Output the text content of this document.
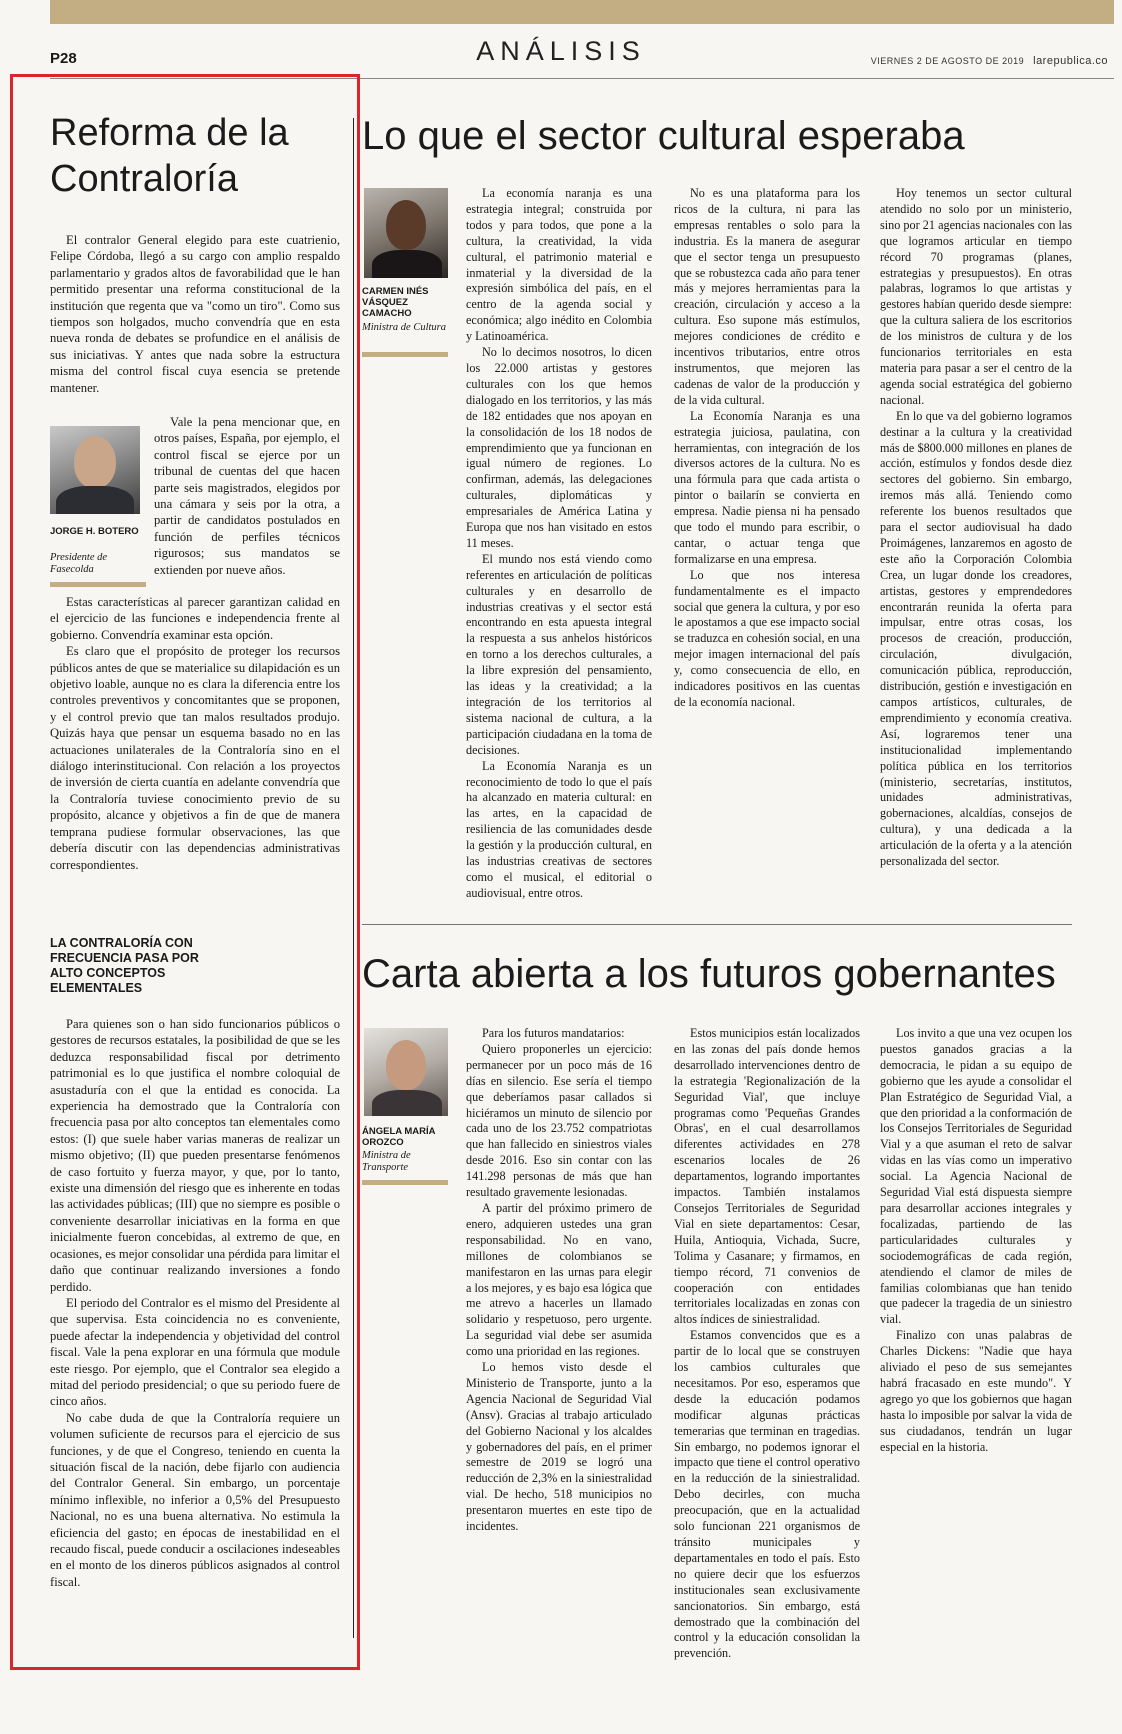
P28	ANÁLISIS	VIERNES 2 DE AGOSTO DE 2019 larepublica.co
Reforma de la Contraloría

El contralor General elegido para este cuatrienio, Felipe Córdoba, llegó a su cargo con amplio respaldo parlamentario y grados altos de favorabilidad que le han permitido presentar una reforma constitucional de la institución que regenta que va "como un tiro". Como sus tiempos son holgados, mucho convendría que en esta nueva ronda de debates se profundice en el análisis de sus iniciativas. Y antes que nada sobre la estructura misma del control fiscal cuya esencia se pretende mantener.

JORGE H. BOTERO
Presidente de Fasecolda

Vale la pena mencionar que, en otros países, España, por ejemplo, el control fiscal se ejerce por un tribunal de cuentas del que hacen parte seis magistrados, elegidos por una cámara y seis por la otra, a partir de candidatos postulados en función de perfiles técnicos rigurosos; sus mandatos se extienden por nueve años.

Estas características al parecer garantizan calidad en el ejercicio de las funciones e independencia frente al gobierno. Convendría examinar esta opción.

Es claro que el propósito de proteger los recursos públicos antes de que se materialice su dilapidación es un objetivo loable, aunque no es clara la diferencia entre los controles preventivos y concomitantes que se proponen, y el control previo que tan malos resultados produjo. Quizás haya que pensar un esquema basado no en las actuaciones unilaterales de la Contraloría sino en el diálogo interinstitucional. Con relación a los proyectos de inversión de cierta cuantía en adelante convendría que la Contraloría tuviese conocimiento previo de su propósito, alcance y objetivos a fin de que de manera temprana pudiese formular observaciones, las que debería discutir con las dependencias administrativas correspondientes.

LA CONTRALORÍA CON FRECUENCIA PASA POR ALTO CONCEPTOS ELEMENTALES

Para quienes son o han sido funcionarios públicos o gestores de recursos estatales, la posibilidad de que se les deduzca responsabilidad fiscal por detrimento patrimonial es lo que justifica el nombre coloquial de asustaduría con el que la entidad es conocida. La experiencia ha demostrado que la Contraloría con frecuencia pasa por alto conceptos tan elementales como estos: (I) que suele haber varias maneras de realizar un mismo objetivo; (II) que pueden presentarse fenómenos de caso fortuito y fuerza mayor, y que, por lo tanto, existe una dimensión del riesgo que es inherente en todas las actividades públicas; (III) que no siempre es posible o conveniente desarrollar iniciativas en la forma en que inicialmente fueron concebidas, al extremo de que, en ocasiones, es mejor consolidar una pérdida para limitar el daño que continuar realizando inversiones a fondo perdido.

El periodo del Contralor es el mismo del Presidente al que supervisa. Esta coincidencia no es conveniente, puede afectar la independencia y objetividad del control fiscal. Vale la pena explorar en una fórmula que module este riesgo. Por ejemplo, que el Contralor sea elegido a mitad del periodo presidencial; o que su periodo fuere de cinco años.

No cabe duda de que la Contraloría requiere un volumen suficiente de recursos para el ejercicio de sus funciones, y de que el Congreso, teniendo en cuenta la situación fiscal de la nación, debe fijarlo con audiencia del Contralor General. Sin embargo, un porcentaje mínimo inflexible, no inferior a 0,5% del Presupuesto Nacional, no es una buena alternativa. No estimula la eficiencia del gasto; en épocas de inestabilidad en el recaudo fiscal, puede conducir a oscilaciones indeseables en el monto de los dineros públicos asignados al control fiscal.

Lo que el sector cultural esperaba
CARMEN INÉS VÁSQUEZ CAMACHO
Ministra de Cultura

La economía naranja es una estrategia integral; construida por todos y para todos, que pone a la cultura, la creatividad, la vida cultural, el patrimonio material e inmaterial y la diversidad de la expresión simbólica del país, en el centro de la agenda social y económica; algo inédito en Colombia y Latinoamérica.

No lo decimos nosotros, lo dicen los 22.000 artistas y gestores culturales con los que hemos dialogado en los territorios, y las más de 182 entidades que nos apoyan en la consolidación de los 18 nodos de emprendimiento que ya funcionan en igual número de regiones. Lo confirman, además, las delegaciones culturales, diplomáticas y empresariales de América Latina y Europa que nos han visitado en estos 11 meses.

El mundo nos está viendo como referentes en articulación de políticas culturales y en desarrollo de industrias creativas y el sector está encontrando en esta apuesta integral la respuesta a sus anhelos históricos en torno a los derechos culturales, a la libre expresión del pensamiento, las ideas y la creatividad; a la integración de los territorios al sistema nacional de cultura, a la participación ciudadana en la toma de decisiones.

La Economía Naranja es un reconocimiento de todo lo que el país ha alcanzado en materia cultural: en las artes, en la capacidad de resiliencia de las comunidades desde la gestión y la producción cultural, en las industrias creativas de sectores como el musical, el editorial o audiovisual, entre otros.

No es una plataforma para los ricos de la cultura, ni para las empresas rentables o solo para la industria. Es la manera de asegurar que el sector tenga un presupuesto que se robustezca cada año para tener más y mejores herramientas para la creación, circulación y acceso a la cultura. Eso supone más estímulos, mejores condiciones de crédito e incentivos tributarios, entre otros instrumentos, que mejoren las cadenas de valor de la producción y de la vida cultural.

La Economía Naranja es una estrategia juiciosa, paulatina, con herramientas, con integración de los diversos actores de la cultura. No es una fórmula para que cada artista o pintor o bailarín se convierta en empresa. Nadie piensa ni ha pensado que todo el mundo para escribir, o cantar, o actuar tenga que formalizarse en una empresa.

Lo que nos interesa fundamentalmente es el impacto social que genera la cultura, y por eso le apostamos a que ese impacto social se traduzca en cohesión social, en una mejor imagen internacional del país y, como consecuencia de ello, en indicadores positivos en las cuentas de la economía nacional.

Hoy tenemos un sector cultural atendido no solo por un ministerio, sino por 21 agencias nacionales con las que logramos articular en tiempo récord 70 programas (planes, estrategias y presupuestos). En otras palabras, logramos lo que artistas y gestores habían querido desde siempre: que la cultura saliera de los escritorios de los ministros de cultura y de los funcionarios territoriales en esta materia para pasar a ser el centro de la agenda social estratégica del gobierno nacional.

En lo que va del gobierno logramos destinar a la cultura y la creatividad más de $800.000 millones en planes de acción, estímulos y fondos desde diez sectores del gobierno. Sin embargo, iremos más allá. Teniendo como referente los buenos resultados que para el sector audiovisual ha dado Proimágenes, lanzaremos en agosto de este año la Corporación Colombia Crea, un lugar donde los creadores, artistas, gestores y emprendedores encontrarán reunida la oferta para impulsar, entre otras cosas, los procesos de creación, producción, circulación, divulgación, comunicación pública, reproducción, distribución, gestión e investigación en campos artísticos, culturales, de emprendimiento y economía creativa. Así, lograremos tener una institucionalidad implementando política pública en los territorios (ministerio, secretarías, institutos, unidades administrativas, gobernaciones, alcaldías, consejos de cultura), y una dedicada a la articulación de la oferta y a la atención personalizada del sector.

Carta abierta a los futuros gobernantes
ÁNGELA MARÍA OROZCO
Ministra de Transporte

Para los futuros mandatarios:

Quiero proponerles un ejercicio: permanecer por un poco más de 16 días en silencio. Ese sería el tiempo que deberíamos pasar callados si hiciéramos un minuto de silencio por cada uno de los 23.752 compatriotas que han fallecido en siniestros viales desde 2016. Eso sin contar con las 141.298 personas de más que han resultado gravemente lesionadas.

A partir del próximo primero de enero, adquieren ustedes una gran responsabilidad. No en vano, millones de colombianos se manifestaron en las urnas para elegir a los mejores, y es bajo esa lógica que me atrevo a hacerles un llamado solidario y respetuoso, pero urgente. La seguridad vial debe ser asumida como una prioridad en las regiones.

Lo hemos visto desde el Ministerio de Transporte, junto a la Agencia Nacional de Seguridad Vial (Ansv). Gracias al trabajo articulado del Gobierno Nacional y los alcaldes y gobernadores del país, en el primer semestre de 2019 se logró una reducción de 2,3% en la siniestralidad vial. De hecho, 518 municipios no presentaron muertes en este tipo de incidentes.

Estos municipios están localizados en las zonas del país donde hemos desarrollado intervenciones dentro de la estrategia 'Regionalización de la Seguridad Vial', que incluye programas como 'Pequeñas Grandes Obras', en el cual desarrollamos diferentes actividades en 278 escenarios locales de 26 departamentos, logrando importantes impactos. También instalamos Consejos Territoriales de Seguridad Vial en siete departamentos: Cesar, Huila, Antioquia, Vichada, Sucre, Tolima y Casanare; y firmamos, en tiempo récord, 71 convenios de cooperación con entidades territoriales localizadas en zonas con altos índices de siniestralidad.

Estamos convencidos que es a partir de lo local que se construyen los cambios culturales que necesitamos. Por eso, esperamos que desde la educación podamos modificar algunas prácticas temerarias que terminan en tragedias. Sin embargo, no podemos ignorar el impacto que tiene el control operativo en la reducción de la siniestralidad. Debo decirles, con mucha preocupación, que en la actualidad solo funcionan 221 organismos de tránsito municipales y departamentales en todo el país. Esto no quiere decir que los esfuerzos institucionales sean exclusivamente sancionatorios. Sin embargo, está demostrado que la combinación del control y la educación consolidan la prevención.

Los invito a que una vez ocupen los puestos ganados gracias a la democracia, le pidan a su equipo de gobierno que les ayude a consolidar el Plan Estratégico de Seguridad Vial, a que den prioridad a la conformación de los Consejos Territoriales de Seguridad Vial y a que asuman el reto de salvar vidas en las vías como un imperativo social. La Agencia Nacional de Seguridad Vial está dispuesta siempre para desarrollar acciones integrales y focalizadas, partiendo de las particularidades culturales y sociodemográficas de cada región, atendiendo el clamor de miles de familias colombianas que han tenido que padecer la tragedia de un siniestro vial.

Finalizo con unas palabras de Charles Dickens: "Nadie que haya aliviado el peso de sus semejantes habrá fracasado en este mundo". Y agrego yo que los gobiernos que hagan hasta lo imposible por salvar la vida de sus ciudadanos, tendrán un lugar especial en la historia.
